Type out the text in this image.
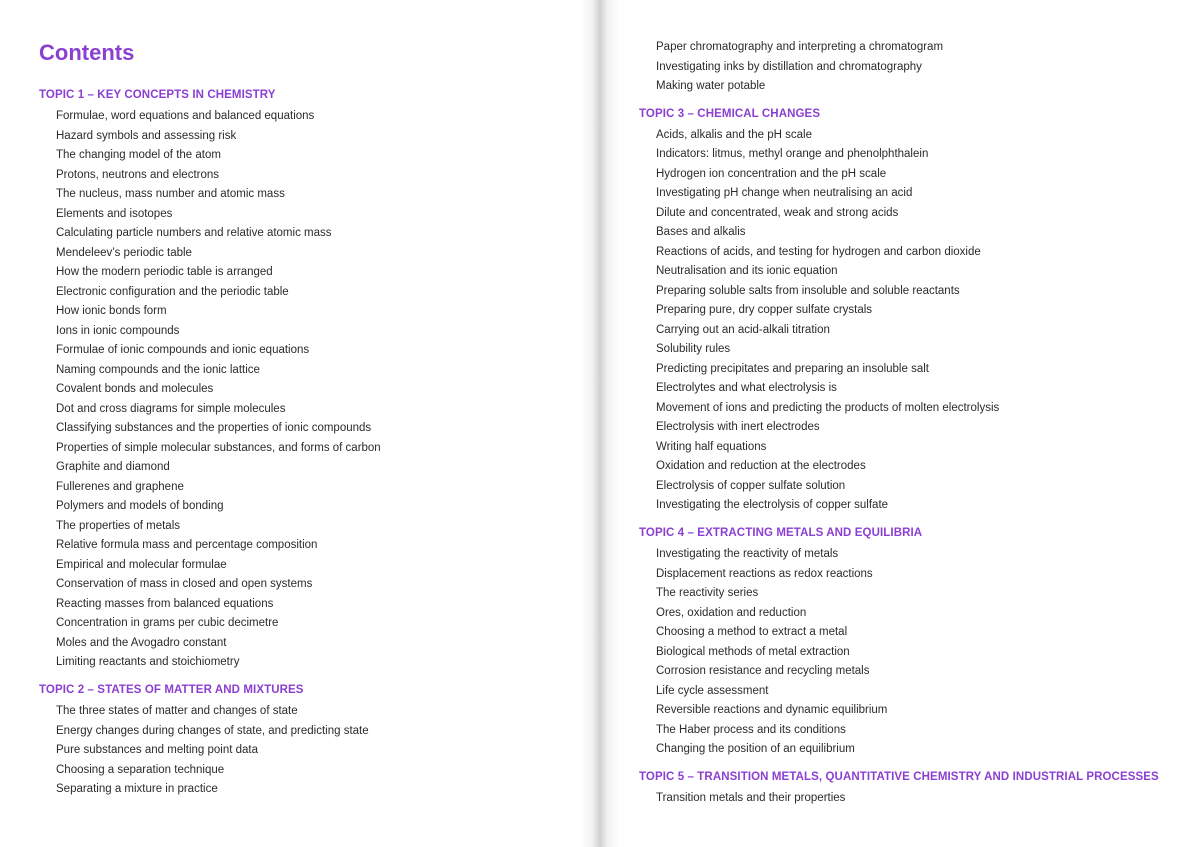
Contents
TOPIC 1 – KEY CONCEPTS IN CHEMISTRY
Formulae, word equations and balanced equations
Hazard symbols and assessing risk
The changing model of the atom
Protons, neutrons and electrons
The nucleus, mass number and atomic mass
Elements and isotopes
Calculating particle numbers and relative atomic mass
Mendeleev’s periodic table
How the modern periodic table is arranged
Electronic configuration and the periodic table
How ionic bonds form
Ions in ionic compounds
Formulae of ionic compounds and ionic equations
Naming compounds and the ionic lattice
Covalent bonds and molecules
Dot and cross diagrams for simple molecules
Classifying substances and the properties of ionic compounds
Properties of simple molecular substances, and forms of carbon
Graphite and diamond
Fullerenes and graphene
Polymers and models of bonding
The properties of metals
Relative formula mass and percentage composition
Empirical and molecular formulae
Conservation of mass in closed and open systems
Reacting masses from balanced equations
Concentration in grams per cubic decimetre
Moles and the Avogadro constant
Limiting reactants and stoichiometry
TOPIC 2 – STATES OF MATTER AND MIXTURES
The three states of matter and changes of state
Energy changes during changes of state, and predicting state
Pure substances and melting point data
Choosing a separation technique
Separating a mixture in practice
Paper chromatography and interpreting a chromatogram
Investigating inks by distillation and chromatography
Making water potable
TOPIC 3 – CHEMICAL CHANGES
Acids, alkalis and the pH scale
Indicators: litmus, methyl orange and phenolphthalein
Hydrogen ion concentration and the pH scale
Investigating pH change when neutralising an acid
Dilute and concentrated, weak and strong acids
Bases and alkalis
Reactions of acids, and testing for hydrogen and carbon dioxide
Neutralisation and its ionic equation
Preparing soluble salts from insoluble and soluble reactants
Preparing pure, dry copper sulfate crystals
Carrying out an acid-alkali titration
Solubility rules
Predicting precipitates and preparing an insoluble salt
Electrolytes and what electrolysis is
Movement of ions and predicting the products of molten electrolysis
Electrolysis with inert electrodes
Writing half equations
Oxidation and reduction at the electrodes
Electrolysis of copper sulfate solution
Investigating the electrolysis of copper sulfate
TOPIC 4 – EXTRACTING METALS AND EQUILIBRIA
Investigating the reactivity of metals
Displacement reactions as redox reactions
The reactivity series
Ores, oxidation and reduction
Choosing a method to extract a metal
Biological methods of metal extraction
Corrosion resistance and recycling metals
Life cycle assessment
Reversible reactions and dynamic equilibrium
The Haber process and its conditions
Changing the position of an equilibrium
TOPIC 5 – TRANSITION METALS, QUANTITATIVE CHEMISTRY AND INDUSTRIAL PROCESSES
Transition metals and their properties
